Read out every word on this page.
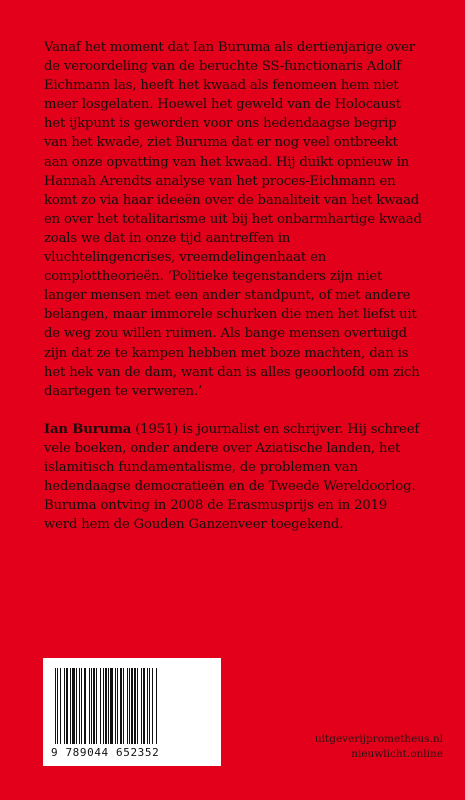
Vanaf het moment dat Ian Buruma als dertienjarige over de veroordeling van de beruchte SS-functionaris Adolf Eichmann las, heeft het kwaad als fenomeen hem niet meer losgelaten. Hoewel het geweld van de Holocaust het ijkpunt is geworden voor ons hedendaagse begrip van het kwade, ziet Buruma dat er nog veel ontbreekt aan onze opvatting van het kwaad. Hij duikt opnieuw in Hannah Arendts analyse van het proces-Eichmann en komt zo via haar ideeën over de banaliteit van het kwaad en over het totalitarisme uit bij het onbarmhartige kwaad zoals we dat in onze tijd aantreffen in vluchtelingencrises, vreemdelingenhaat en complottheorieën. ‘Politieke tegenstanders zijn niet langer mensen met een ander standpunt, of met andere belangen, maar immorele schurken die men het liefst uit de weg zou willen ruimen. Als bange mensen overtuigd zijn dat ze te kampen hebben met boze machten, dan is het hek van de dam, want dan is alles geoorloofd om zich daartegen te verweren.’

Ian Buruma (1951) is journalist en schrijver. Hij schreef vele boeken, onder andere over Aziatische landen, het islamitisch fundamentalisme, de problemen van hedendaagse democratieën en de Tweede Wereldoorlog. Buruma ontving in 2008 de Erasmusprijs en in 2019 werd hem de Gouden Ganzenveer toegekend.

9 789044 652352
uitgeverijprometheus.nl
nieuwlicht.online
